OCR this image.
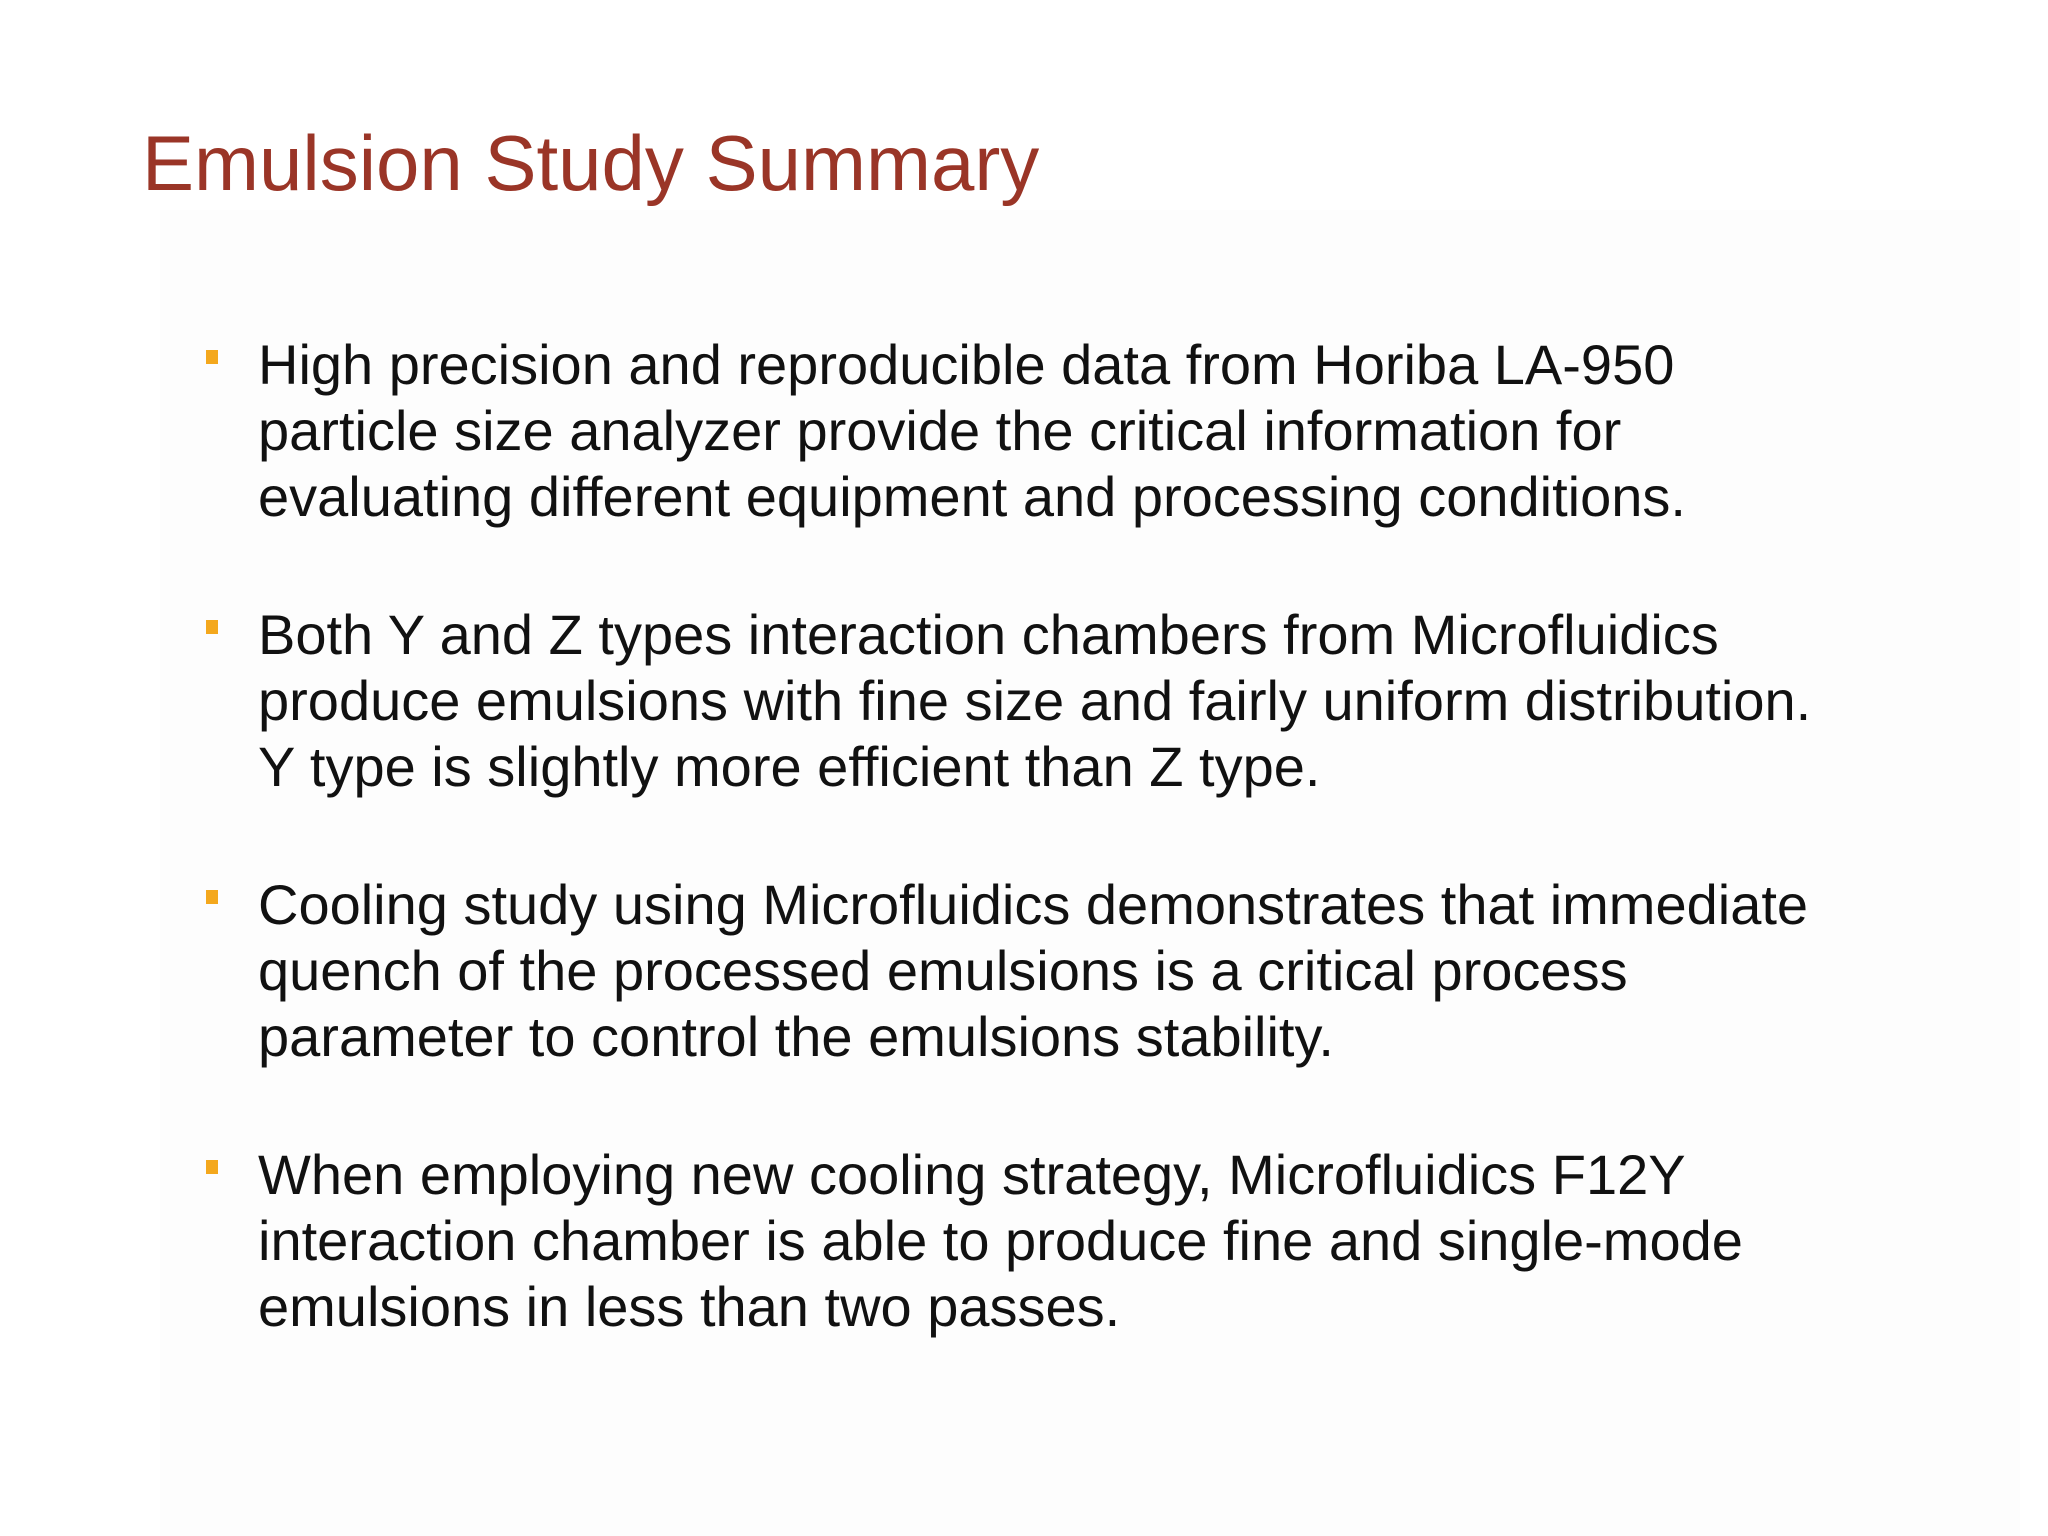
Emulsion Study Summary
High precision and reproducible data from Horiba LA-950
particle size analyzer provide the critical information for
evaluating different equipment and processing conditions.
Both Y and Z types interaction chambers from Microfluidics
produce emulsions with fine size and fairly uniform distribution.
Y type is slightly more efficient than Z type.
Cooling study using Microfluidics demonstrates that immediate
quench of the processed emulsions is a critical process
parameter to control the emulsions stability.
When employing new cooling strategy, Microfluidics F12Y
interaction chamber is able to produce fine and single-mode
emulsions in less than two passes.
